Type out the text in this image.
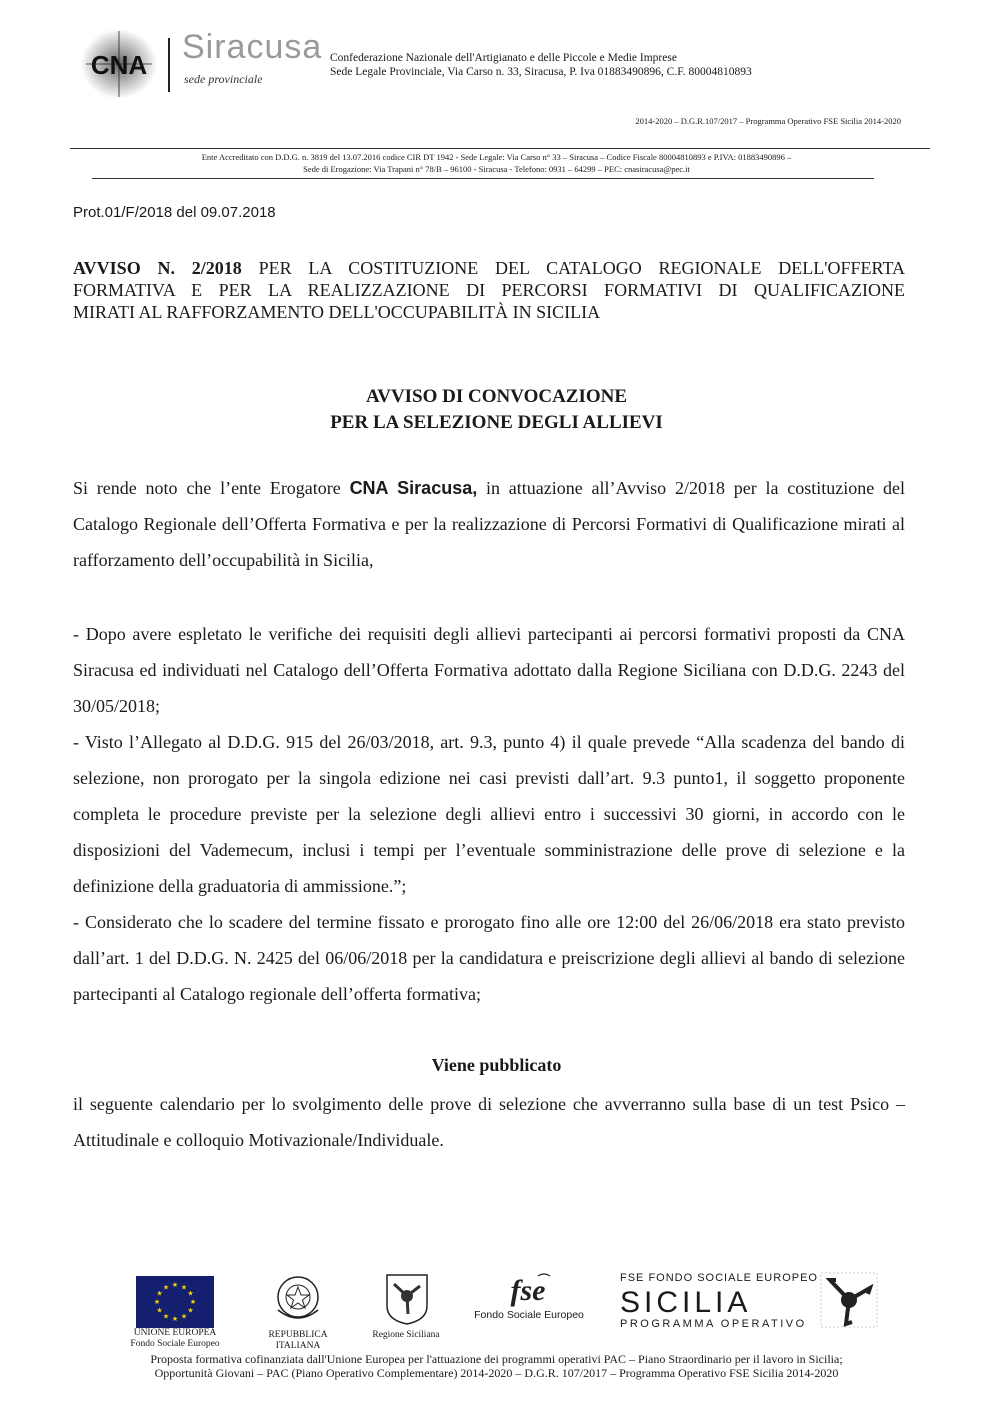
CNA Siracusa
sede provinciale
Confederazione Nazionale dell'Artigianato e delle Piccole e Medie Imprese
Sede Legale Provinciale, Via Carso n. 33, Siracusa, P. Iva 01883490896, C.F. 80004810893
2014-2020 – D.G.R.107/2017 – Programma Operativo FSE Sicilia 2014-2020
Ente Accreditato con D.D.G. n. 3819 del 13.07.2016 codice CIR DT 1942 - Sede Legale: Via Carso n° 33 – Siracusa – Codice Fiscale 80004810893 e P.IVA: 01883490896 –
Sede di Erogazione: Via Trapani n° 78/B – 96100 - Siracusa - Telefono: 0931 – 64299 – PEC: cnasiracusa@pec.it
Prot.01/F/2018 del 09.07.2018
AVVISO N. 2/2018 PER LA COSTITUZIONE DEL CATALOGO REGIONALE DELL'OFFERTA
FORMATIVA E PER LA REALIZZAZIONE DI PERCORSI FORMATIVI DI QUALIFICAZIONE
MIRATI AL RAFFORZAMENTO DELL'OCCUPABILITÀ IN SICILIA
AVVISO DI CONVOCAZIONE
PER LA SELEZIONE DEGLI ALLIEVI

Si rende noto che l’ente Erogatore CNA Siracusa, in attuazione all’Avviso 2/2018 per la costituzione del Catalogo Regionale dell’Offerta Formativa e per la realizzazione di Percorsi Formativi di Qualificazione mirati al rafforzamento dell’occupabilità in Sicilia,

- Dopo avere espletato le verifiche dei requisiti degli allievi partecipanti ai percorsi formativi proposti da CNA Siracusa ed individuati nel Catalogo dell’Offerta Formativa adottato dalla Regione Siciliana con D.D.G. 2243 del 30/05/2018;

- Visto l’Allegato al D.D.G. 915 del 26/03/2018, art. 9.3, punto 4) il quale prevede “Alla scadenza del bando di selezione, non prorogato per la singola edizione nei casi previsti dall’art. 9.3 punto1, il soggetto proponente completa le procedure previste per la selezione degli allievi entro i successivi 30 giorni, in accordo con le disposizioni del Vademecum, inclusi i tempi per l’eventuale somministrazione delle prove di selezione e la definizione della graduatoria di ammissione.”;

- Considerato che lo scadere del termine fissato e prorogato fino alle ore 12:00 del 26/06/2018 era stato previsto dall’art. 1 del D.D.G. N. 2425 del 06/06/2018 per la candidatura e preiscrizione degli allievi al bando di selezione partecipanti al Catalogo regionale dell’offerta formativa;

Viene pubblicato

il seguente calendario per lo svolgimento delle prove di selezione che avverranno sulla base di un test Psico – Attitudinale e colloquio Motivazionale/Individuale.

★ ★
★
★
★
★
★
★
★
★
★
★
UNIONE EUROPEA
Fondo Sociale Europeo
REPUBBLICA
ITALIANA
Regione Siciliana
fse
Fondo Sociale Europeo
FSE FONDO SOCIALE EUROPEO
SICILIA
PROGRAMMA OPERATIVO
Proposta formativa cofinanziata dall'Unione Europea per l'attuazione dei programmi operativi PAC – Piano Straordinario per il lavoro in Sicilia;
Opportunità Giovani – PAC (Piano Operativo Complementare) 2014-2020 – D.G.R. 107/2017 – Programma Operativo FSE Sicilia 2014-2020
